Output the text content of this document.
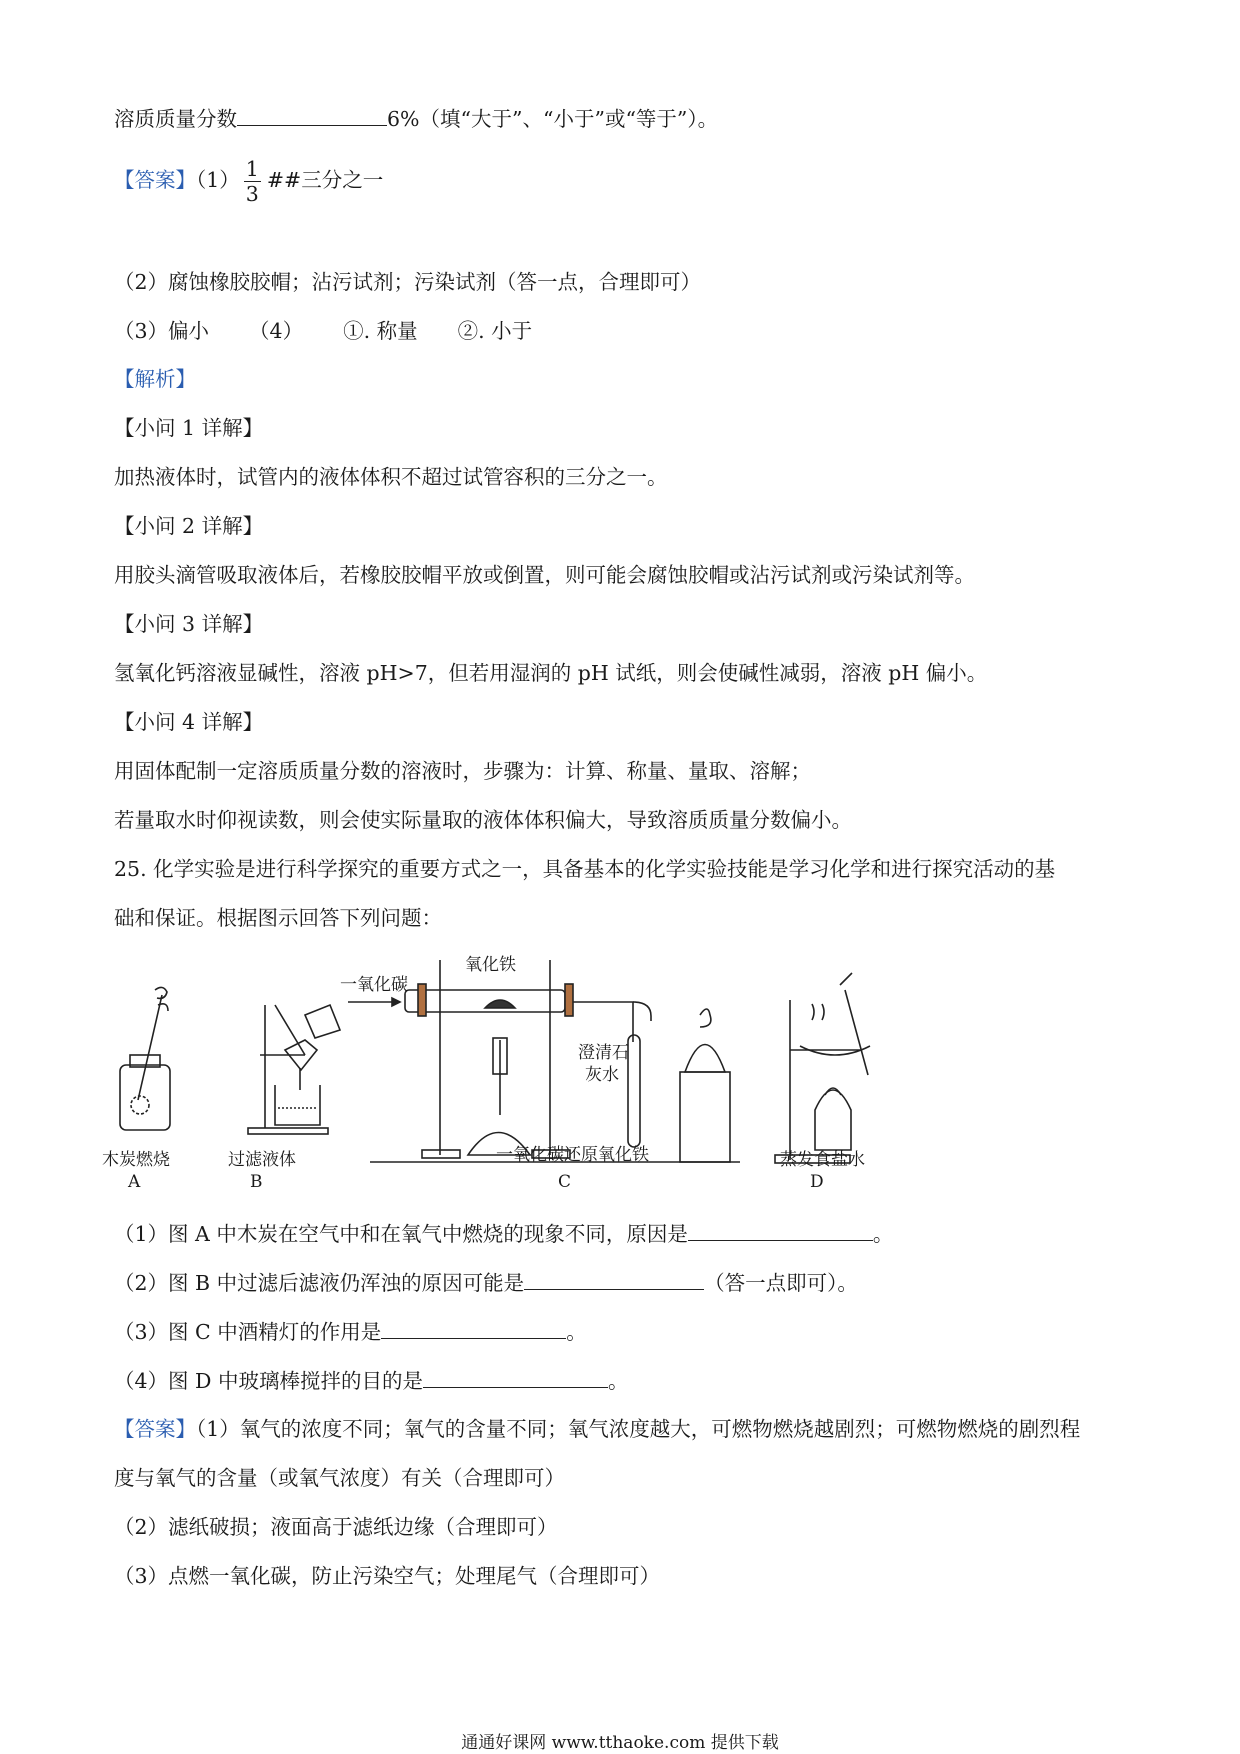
溶质质量分数	6%（填“大于”、“小于”或“等于”）。
【答案】$(1) \frac{1}{3}$ ##三分之一
（2）腐蚀橡胶胶帽；沾污试剂；污染试剂（答一点，合理即可）
（3）偏小 （4） ①. 称量 ②. 小于
【解析】
【小问 1 详解】
加热液体时，试管内的液体体积不超过试管容积的三分之一。
【小问 2 详解】
用胶头滴管吸取液体后，若橡胶胶帽平放或倒置，则可能会腐蚀胶帽或沾污试剂或污染试剂等。
【小问 3 详解】
氢氧化钙溶液显碱性，溶液 pH>7，但若用湿润的 pH 试纸，则会使碱性减弱，溶液 pH 偏小。
【小问 4 详解】
用固体配制一定溶质质量分数的溶液时，步骤为：计算、称量、量取、溶解；
若量取水时仰视读数，则会使实际量取的液体体积偏大，导致溶质质量分数偏小。
25. 化学实验是进行科学探究的重要方式之一，具备基本的化学实验技能是学习化学和进行探究活动的基
础和保证。根据图示回答下列问题：
一氧化碳
氧化铁
澄清石
灰水
木炭燃烧
A
过滤液体
B
一氧化碳还原氧化铁
C
蒸发食盐水
D
（1）图 A 中木炭在空气中和在氧气中燃烧的现象不同，原因是	。
（2）图 B 中过滤后滤液仍浑浊的原因可能是	（答一点即可）。
（3）图 C 中酒精灯的作用是	。
（4）图 D 中玻璃棒搅拌的目的是	。
【答案】（1）氧气的浓度不同；氧气的含量不同；氧气浓度越大，可燃物燃烧越剧烈；可燃物燃烧的剧烈程
度与氧气的含量（或氧气浓度）有关（合理即可）
（2）滤纸破损；液面高于滤纸边缘（合理即可）
（3）点燃一氧化碳，防止污染空气；处理尾气（合理即可）
通通好课网 www.tthaoke.com 提供下载
